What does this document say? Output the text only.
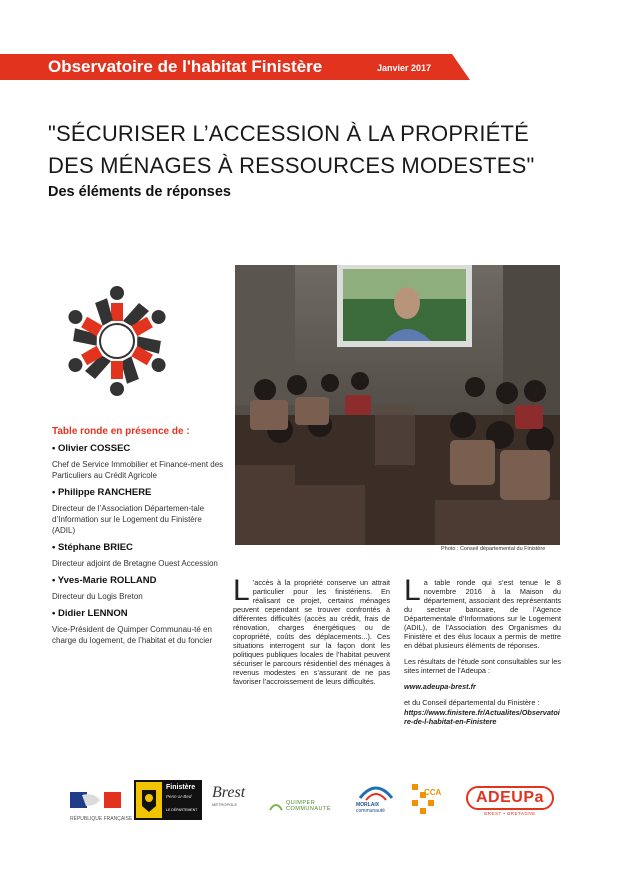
Observatoire de l'habitat Finistère	Janvier 2017
"SÉCURISER L’ACCESSION À LA PROPRIÉTÉ
DES MÉNAGES À RESSOURCES MODESTES"
Des éléments de réponses
Photo : Conseil départemental du Finistère
Table ronde en présence de :
• Olivier COSSEC
Chef de Service Immobilier et Finance-ment des Particuliers au Crédit Agricole
• Philippe RANCHERE
Directeur de l’Association Départemen-tale d’Information sur le Logement du Finistère (ADIL)
• Stéphane BRIEC
Directeur adjoint de Bretagne Ouest Accession
• Yves-Marie ROLLAND
Directeur du Logis Breton
• Didier LENNON
Vice-Président de Quimper Communau-té en charge du logement, de l’habitat et du foncier

L ’accès à la propriété conserve un attrait particulier pour les finistériens. En réalisant ce projet, certains ménages peuvent cependant se trouver confrontés à différentes difficultés (accès au crédit, frais de rénovation, charges énergétiques ou de copropriété, coûts des déplacements...). Ces situations interrogent sur la façon dont les politiques publiques locales de l’habitat peuvent sécuriser le parcours résidentiel des ménages à revenus modestes en s’assurant de ne pas favoriser l’accroissement de leurs difficultés.

La table ronde qui s’est tenue le 8 novembre 2016 à la Maison du département, associant des représentants du secteur bancaire, de l’Agence Départementale d’Informations sur le Logement (ADIL), de l’Association des Organismes du Finistère et des élus locaux a permis de mettre en débat plusieurs éléments de réponses.

Les résultats de l’étude sont consultables sur les sites internet de l’Adeupa :

www.adeupa-brest.fr

et du Conseil départemental du Finistère :

https://www.finistere.fr/Actualites/Observatoire-de-l-habitat-en-Finistere

RÉPUBLIQUE FRANÇAISE
Finistère
Penn-ar-Bed
LE DÉPARTEMENT
Brest
MÉTROPOLE	QUIMPER
COMMUNAUTÉ
MORLAIX
communauté
CCA	ADEUPa
BREST • BRETAGNE
